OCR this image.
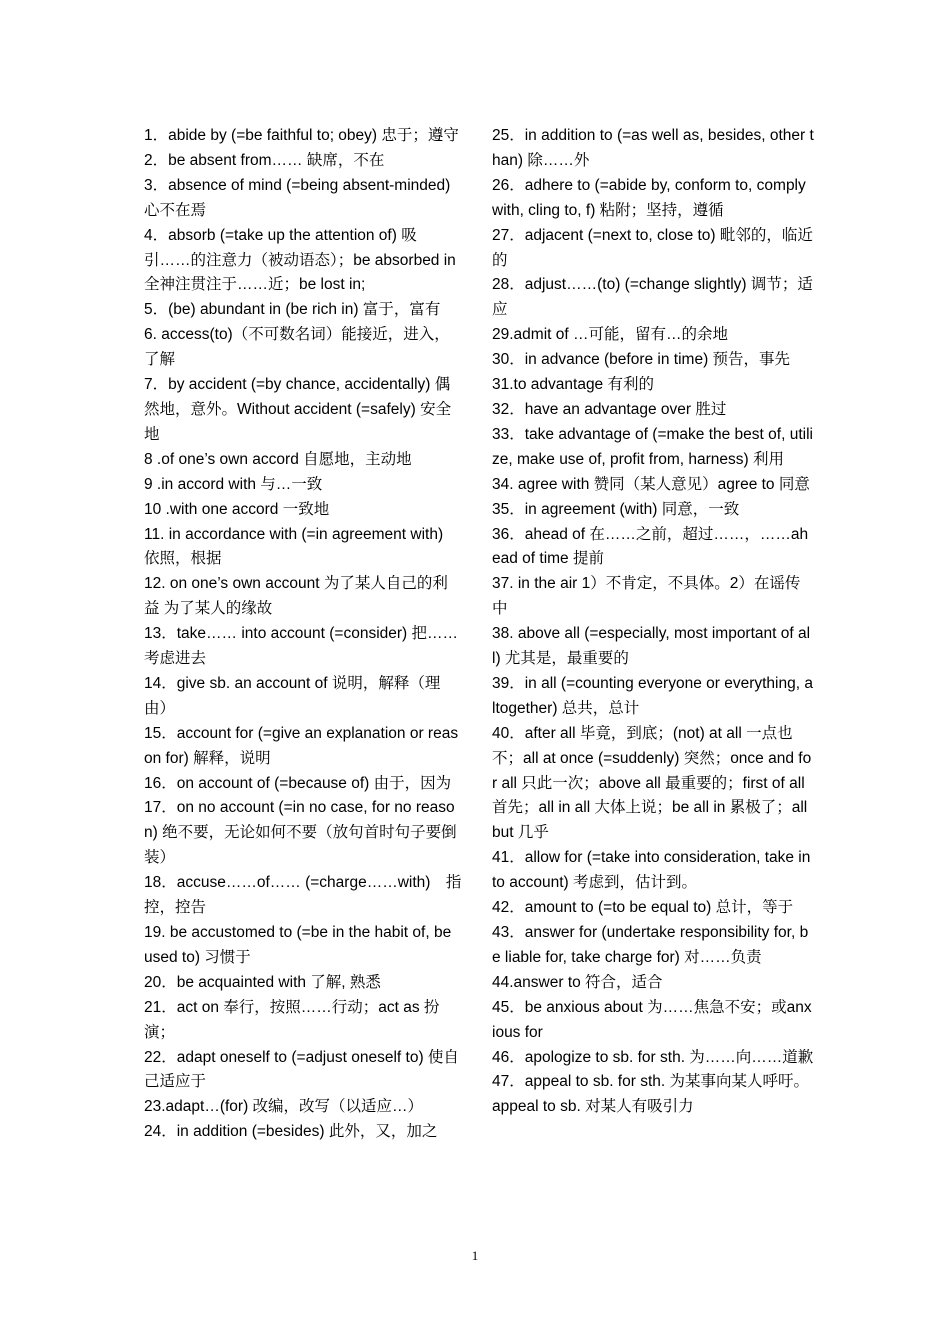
1．abide by (=be faithful to; obey) 忠于；遵守

2．be absent from…… 缺席，不在

3．absence of mind (=being absent-minded) 心不在焉

4．absorb (=take up the attention of) 吸引……的注意力（被动语态）；be absorbed in 全神注贯注于……近；be lost in;

5．(be) abundant in (be rich in) 富于，富有

6. access(to)（不可数名词）能接近，进入，了解

7．by accident (=by chance, accidentally) 偶然地，意外。Without accident (=safely) 安全地

8 .of one’s own accord 自愿地，主动地

9 .in accord with 与…一致

10 .with one accord 一致地

11. in accordance with (=in agreement with) 依照，根据

12. on one’s own account 为了某人自己的利益 为了某人的缘故

13．take…… into account (=consider) 把……考虑进去

14．give sb. an account of 说明，解释（理由）

15．account for (=give an explanation or reason for) 解释，说明

16．on account of (=because of) 由于，因为

17．on no account (=in no case, for no reason) 绝不要，无论如何不要（放句首时句子要倒装）

18．accuse……of…… (=charge……with)　指控，控告

19. be accustomed to (=be in the habit of, be used to) 习惯于

20．be acquainted with 了解, 熟悉

21．act on 奉行，按照……行动；act as 扮演；

22．adapt oneself to (=adjust oneself to) 使自己适应于

23.adapt…(for) 改编，改写（以适应…）

24．in addition (=besides) 此外，又，加之

25．in addition to (=as well as, besides, other than) 除……外

26．adhere to (=abide by, conform to, comply with, cling to, f) 粘附；坚持，遵循

27．adjacent (=next to, close to) 毗邻的，临近的

28．adjust……(to) (=change slightly) 调节；适应

29.admit of …可能，留有…的余地

30．in advance (before in time) 预告，事先

31.to advantage 有利的

32．have an advantage over 胜过

33．take advantage of (=make the best of, utilize, make use of, profit from, harness) 利用

34. agree with 赞同（某人意见）agree to 同意

35．in agreement (with) 同意，一致

36．ahead of 在……之前，超过……，……ahead of time 提前

37. in the air 1）不肯定，不具体。2）在谣传中

38. above all (=especially, most important of all) 尤其是，最重要的

39．in all (=counting everyone or everything, altogether) 总共，总计

40．after all 毕竟，到底；(not) at all 一点也不；all at once (=suddenly) 突然；once and for all 只此一次；above all 最重要的；first of all 首先；all in all 大体上说；be all in 累极了；all but 几乎

41．allow for (=take into consideration, take into account) 考虑到，估计到。

42．amount to (=to be equal to) 总计，等于

43．answer for (undertake responsibility for, be liable for, take charge for) 对……负责

44.answer to 符合，适合

45．be anxious about 为……焦急不安；或anxious for

46．apologize to sb. for sth. 为……向……道歉

47．appeal to sb. for sth. 为某事向某人呼吁。appeal to sb. 对某人有吸引力

1
